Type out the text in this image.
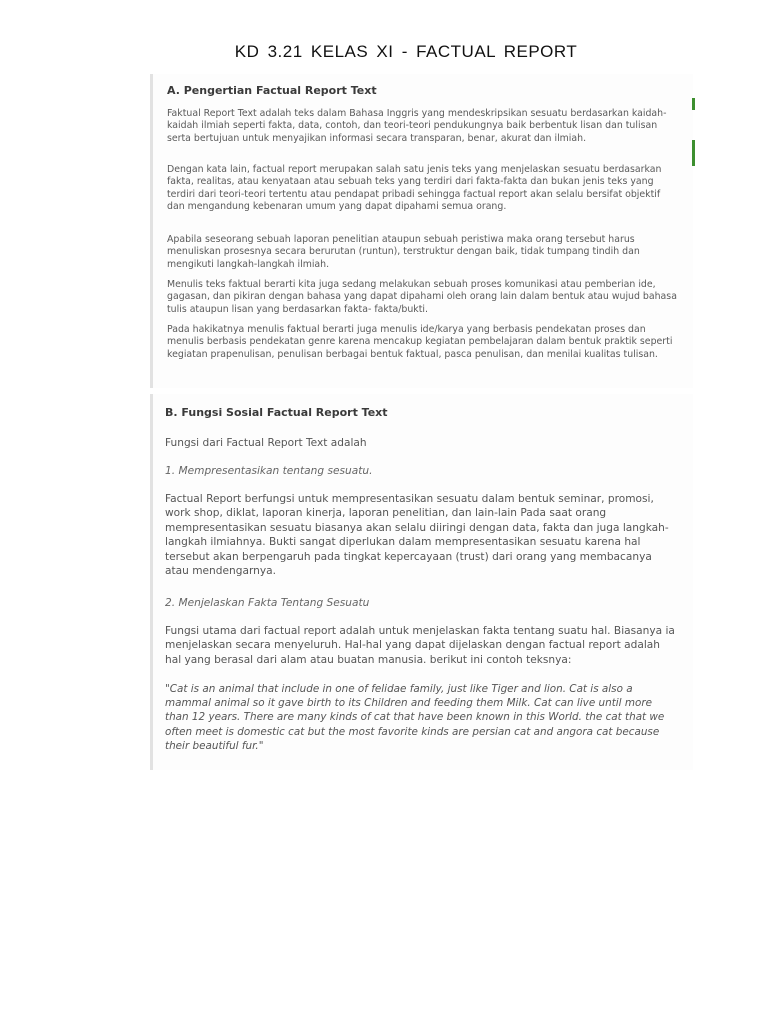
KD 3.21 KELAS XI - FACTUAL REPORT
A. Pengertian Factual Report Text

Faktual Report Text adalah teks dalam Bahasa Inggris yang mendeskripsikan sesuatu berdasarkan kaidah-kaidah ilmiah seperti fakta, data, contoh, dan teori-teori pendukungnya baik berbentuk lisan dan tulisan serta bertujuan untuk menyajikan informasi secara transparan, benar, akurat dan ilmiah.

Dengan kata lain, factual report merupakan salah satu jenis teks yang menjelaskan sesuatu berdasarkan fakta, realitas, atau kenyataan atau sebuah teks yang terdiri dari fakta-fakta dan bukan jenis teks yang terdiri dari teori-teori tertentu atau pendapat pribadi sehingga factual report akan selalu bersifat objektif dan mengandung kebenaran umum yang dapat dipahami semua orang.

Apabila seseorang sebuah laporan penelitian ataupun sebuah peristiwa maka orang tersebut harus menuliskan prosesnya secara berurutan (runtun), terstruktur dengan baik, tidak tumpang tindih dan mengikuti langkah-langkah ilmiah.

Menulis teks faktual berarti kita juga sedang melakukan sebuah proses komunikasi atau pemberian ide, gagasan, dan pikiran dengan bahasa yang dapat dipahami oleh orang lain dalam bentuk atau wujud bahasa tulis ataupun lisan yang berdasarkan fakta- fakta/bukti.

Pada hakikatnya menulis faktual berarti juga menulis ide/karya yang berbasis pendekatan proses dan menulis berbasis pendekatan genre karena mencakup kegiatan pembelajaran dalam bentuk praktik seperti kegiatan prapenulisan, penulisan berbagai bentuk faktual, pasca penulisan, dan menilai kualitas tulisan.

B. Fungsi Sosial Factual Report Text

Fungsi dari Factual Report Text adalah

1. Mempresentasikan tentang sesuatu.

Factual Report berfungsi untuk mempresentasikan sesuatu dalam bentuk seminar, promosi, work shop, diklat, laporan kinerja, laporan penelitian, dan lain-lain Pada saat orang mempresentasikan sesuatu biasanya akan selalu diiringi dengan data, fakta dan juga langkah-langkah ilmiahnya. Bukti sangat diperlukan dalam mempresentasikan sesuatu karena hal tersebut akan berpengaruh pada tingkat kepercayaan (trust) dari orang yang membacanya atau mendengarnya.

2. Menjelaskan Fakta Tentang Sesuatu

Fungsi utama dari factual report adalah untuk menjelaskan fakta tentang suatu hal. Biasanya ia menjelaskan secara menyeluruh. Hal-hal yang dapat dijelaskan dengan factual report adalah hal yang berasal dari alam atau buatan manusia. berikut ini contoh teksnya:

"Cat is an animal that include in one of felidae family, just like Tiger and lion. Cat is also a mammal animal so it gave birth to its Children and feeding them Milk. Cat can live until more than 12 years. There are many kinds of cat that have been known in this World. the cat that we often meet is domestic cat but the most favorite kinds are persian cat and angora cat because their beautiful fur."
